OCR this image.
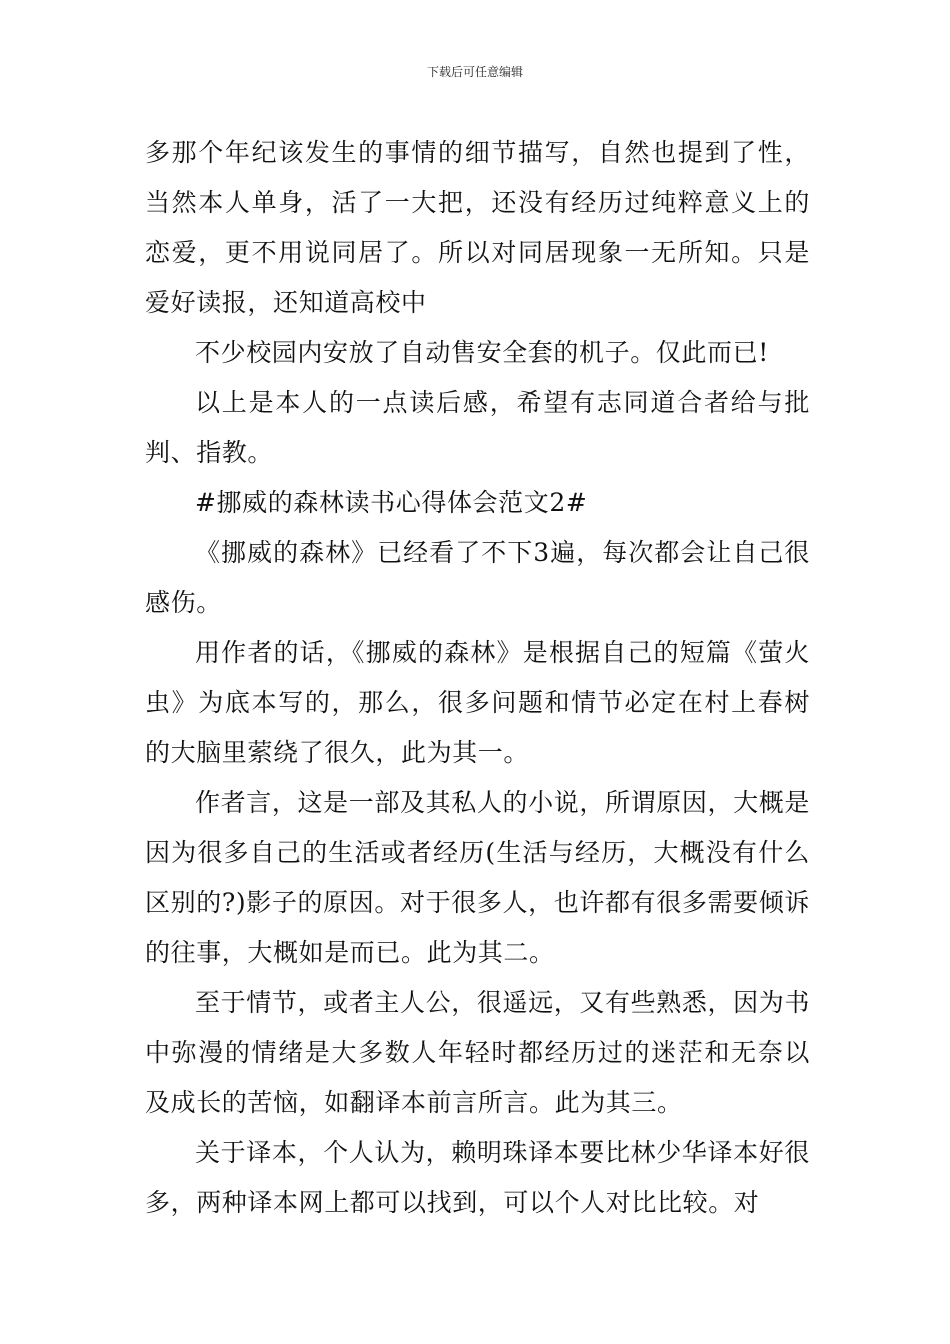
下载后可任意编辑

多那个年纪该发生的事情的细节描写，自然也提到了性，当然本人单身，活了一大把，还没有经历过纯粹意义上的恋爱，更不用说同居了。所以对同居现象一无所知。只是爱好读报，还知道高校中

不少校园内安放了自动售安全套的机子。仅此而已!

以上是本人的一点读后感，希望有志同道合者给与批判、指教。

#挪威的森林读书心得体会范文2#

《挪威的森林》已经看了不下3遍，每次都会让自己很感伤。

用作者的话，《挪威的森林》是根据自己的短篇《萤火虫》为底本写的，那么，很多问题和情节必定在村上春树的大脑里萦绕了很久，此为其一。

作者言，这是一部及其私人的小说，所谓原因，大概是因为很多自己的生活或者经历(生活与经历，大概没有什么区别的?)影子的原因。对于很多人，也许都有很多需要倾诉的往事，大概如是而已。此为其二。

至于情节，或者主人公，很遥远，又有些熟悉，因为书中弥漫的情绪是大多数人年轻时都经历过的迷茫和无奈以及成长的苦恼，如翻译本前言所言。此为其三。

关于译本，个人认为，赖明珠译本要比林少华译本好很多，两种译本网上都可以找到，可以个人对比比较。对
